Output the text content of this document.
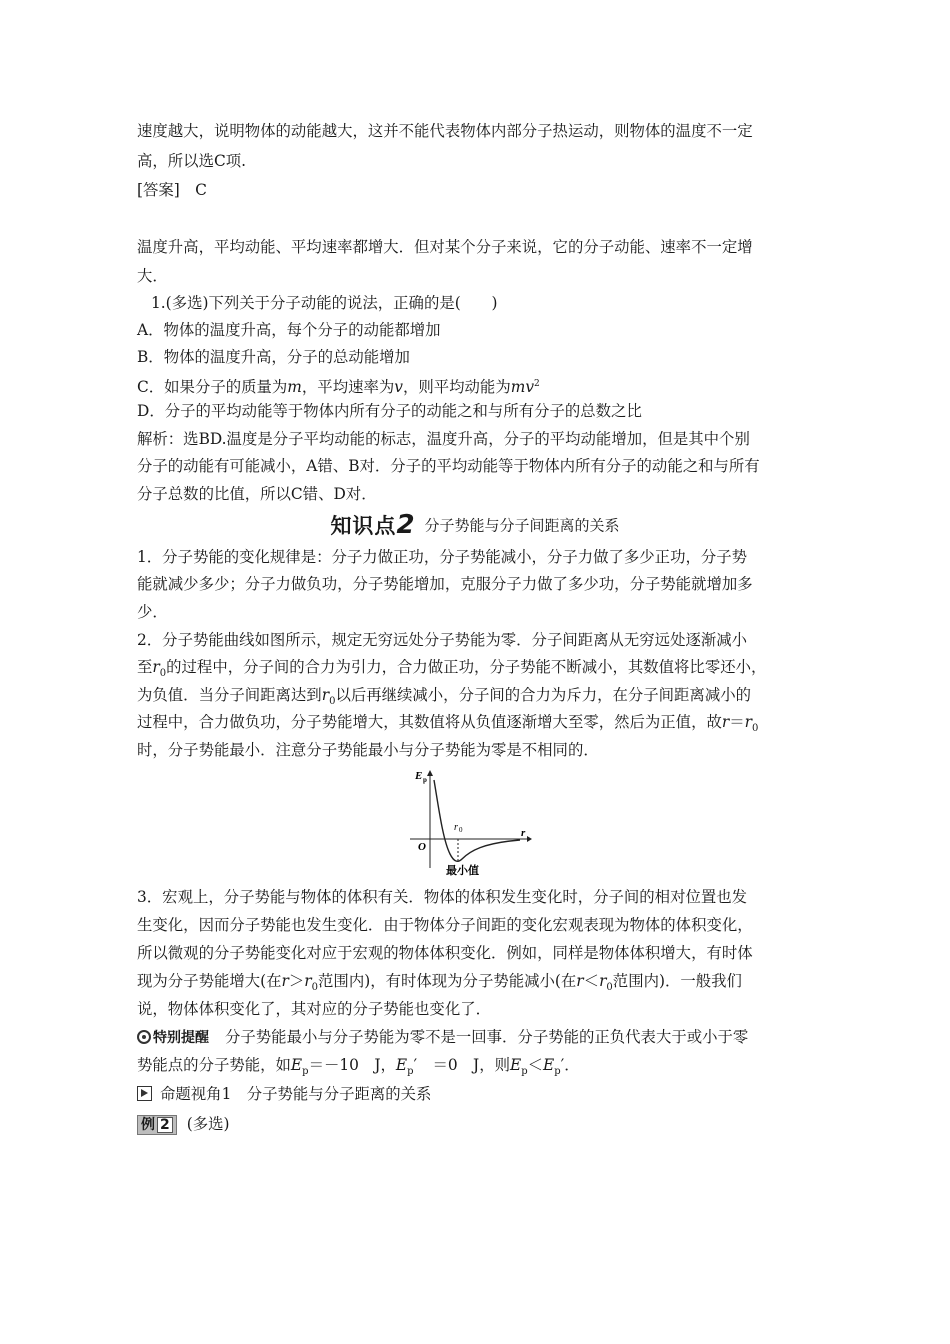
速度越大，说明物体的动能越大，这并不能代表物体内部分子热运动，则物体的温度不一定
高，所以选C项.
[答案]　C
温度升高，平均动能、平均速率都增大．但对某个分子来说，它的分子动能、速率不一定增
大．
1.(多选)下列关于分子动能的说法，正确的是(　　)
A．物体的温度升高，每个分子的动能都增加
B．物体的温度升高，分子的总动能增加
C．如果分子的质量为m，平均速率为v，则平均动能为$mv^2$
D．分子的平均动能等于物体内所有分子的动能之和与所有分子的总数之比
解析：选BD.温度是分子平均动能的标志，温度升高，分子的平均动能增加，但是其中个别
分子的动能有可能减小，A错、B对．分子的平均动能等于物体内所有分子的动能之和与所有
分子总数的比值，所以C错、D对．
知识点2 分子势能与分子间距离的关系
1．分子势能的变化规律是：分子力做正功，分子势能减小，分子力做了多少正功，分子势
能就减少多少；分子力做负功，分子势能增加，克服分子力做了多少功，分子势能就增加多
少．
2．分子势能曲线如图所示，规定无穷远处分子势能为零．分子间距离从无穷远处逐渐减小
至$r_0$的过程中，分子间的合力为引力，合力做正功，分子势能不断减小，其数值将比零还小，
为负值．当分子间距离达到$r_0$以后再继续减小，分子间的合力为斥力，在分子间距离减小的
过程中，合力做负功，分子势能增大，其数值将从负值逐渐增大至零，然后为正值，故$r=r_0$
时，分子势能最小．注意分子势能最小与分子势能为零是不相同的．
E p
r
O
r 0
最小值
3．宏观上，分子势能与物体的体积有关．物体的体积发生变化时，分子间的相对位置也发
生变化，因而分子势能也发生变化．由于物体分子间距的变化宏观表现为物体的体积变化，
所以微观的分子势能变化对应于宏观的物体体积变化．例如，同样是物体体积增大，有时体
现为分子势能增大(在$r>r_0$范围内)，有时体现为分子势能减小(在$r<r_0$范围内)．一般我们
说，物体体积变化了，其对应的分子势能也变化了．
特别提醒 分子势能最小与分子势能为零不是一回事．分子势能的正负代表大于或小于零
势能点的分子势能，如$E_p=-10$　J，$E_p'$　＝0　J，则$E_p<E_p'$．
命题视角1　分子势能与分子距离的关系
例 2 (多选)
